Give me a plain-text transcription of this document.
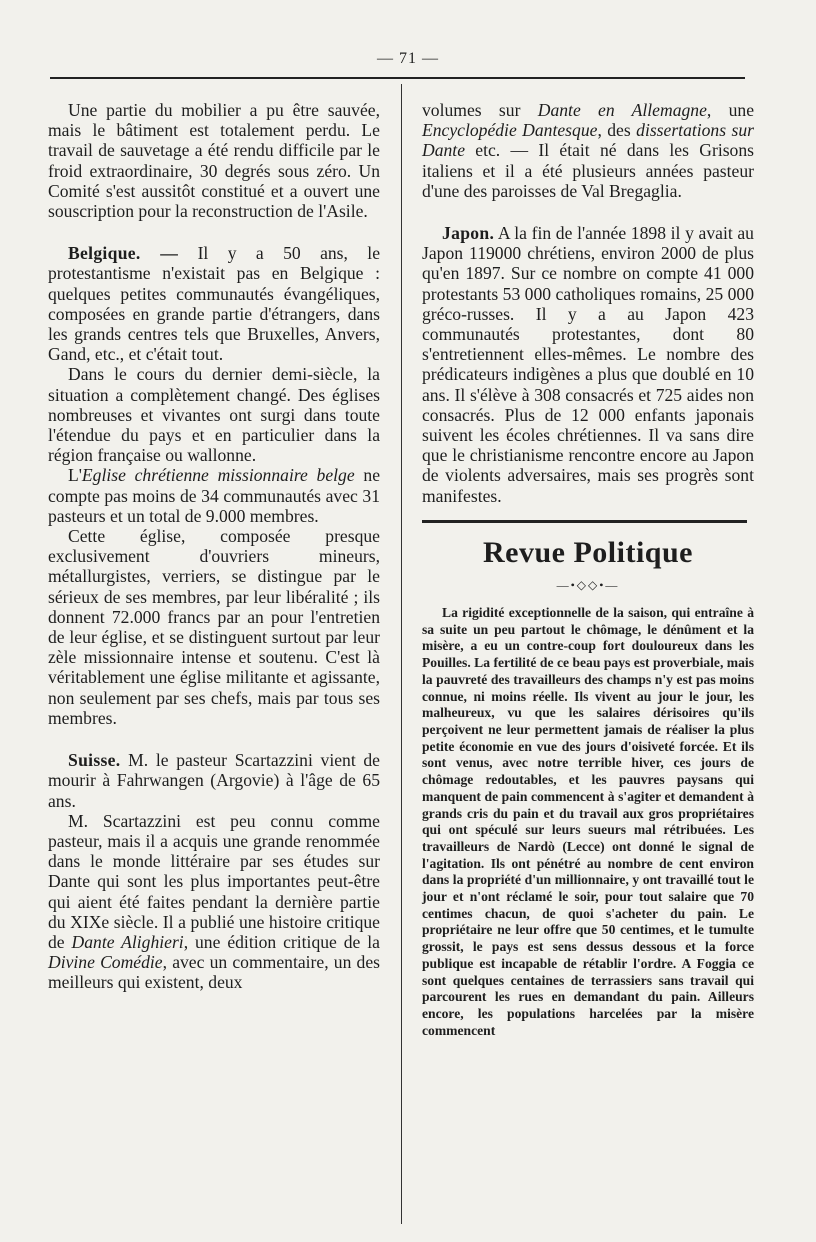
— 71 —

Une partie du mobilier a pu être sauvée, mais le bâtiment est totalement perdu. Le travail de sauvetage a été rendu difficile par le froid extraordinaire, 30 degrés sous zéro. Un Comité s'est aussitôt constitué et a ouvert une souscription pour la reconstruction de l'Asile.

Belgique. — Il y a 50 ans, le protestantisme n'existait pas en Belgique : quelques petites communautés évangéliques, composées en grande partie d'étrangers, dans les grands centres tels que Bruxelles, Anvers, Gand, etc., et c'était tout.

Dans le cours du dernier demi-siècle, la situation a complètement changé. Des églises nombreuses et vivantes ont surgi dans toute l'étendue du pays et en particulier dans la région française ou wallonne.

L'Eglise chrétienne missionnaire belge ne compte pas moins de 34 communautés avec 31 pasteurs et un total de 9.000 membres.

Cette église, composée presque exclusivement d'ouvriers mineurs, métallurgistes, verriers, se distingue par le sérieux de ses membres, par leur libéralité ; ils donnent 72.000 francs par an pour l'entretien de leur église, et se distinguent surtout par leur zèle missionnaire intense et soutenu. C'est là véritablement une église militante et agissante, non seulement par ses chefs, mais par tous ses membres.

Suisse. M. le pasteur Scartazzini vient de mourir à Fahrwangen (Argovie) à l'âge de 65 ans.

M. Scartazzini est peu connu comme pasteur, mais il a acquis une grande renommée dans le monde littéraire par ses études sur Dante qui sont les plus importantes peut-être qui aient été faites pendant la dernière partie du XIXe siècle. Il a publié une histoire critique de Dante Alighieri, une édition critique de la Divine Comédie, avec un commentaire, un des meilleurs qui existent, deux

volumes sur Dante en Allemagne, une Encyclopédie Dantesque, des dissertations sur Dante etc. — Il était né dans les Grisons italiens et il a été plusieurs années pasteur d'une des paroisses de Val Bregaglia.

Japon. A la fin de l'année 1898 il y avait au Japon 119000 chrétiens, environ 2000 de plus qu'en 1897. Sur ce nombre on compte 41 000 protestants 53 000 catholiques romains, 25 000 gréco-russes. Il y a au Japon 423 communautés protestantes, dont 80 s'entretiennent elles-mêmes. Le nombre des prédicateurs indigènes a plus que doublé en 10 ans. Il s'élève à 308 consacrés et 725 aides non consacrés. Plus de 12 000 enfants japonais suivent les écoles chrétiennes. Il va sans dire que le christianisme rencontre encore au Japon de violents adversaires, mais ses progrès sont manifestes.

Revue Politique
—•◇◇•—

La rigidité exceptionnelle de la saison, qui entraîne à sa suite un peu partout le chômage, le dénûment et la misère, a eu un contre-coup fort douloureux dans les Pouilles. La fertilité de ce beau pays est proverbiale, mais la pauvreté des travailleurs des champs n'y est pas moins connue, ni moins réelle. Ils vivent au jour le jour, les malheureux, vu que les salaires dérisoires qu'ils perçoivent ne leur permettent jamais de réaliser la plus petite économie en vue des jours d'oisiveté forcée. Et ils sont venus, avec notre terrible hiver, ces jours de chômage redoutables, et les pauvres paysans qui manquent de pain commencent à s'agiter et demandent à grands cris du pain et du travail aux gros propriétaires qui ont spéculé sur leurs sueurs mal rétribuées. Les travailleurs de Nardò (Lecce) ont donné le signal de l'agitation. Ils ont pénétré au nombre de cent environ dans la propriété d'un millionnaire, y ont travaillé tout le jour et n'ont réclamé le soir, pour tout salaire que 70 centimes chacun, de quoi s'acheter du pain. Le propriétaire ne leur offre que 50 centimes, et le tumulte grossit, le pays est sens dessus dessous et la force publique est incapable de rétablir l'ordre. A Foggia ce sont quelques centaines de terrassiers sans travail qui parcourent les rues en demandant du pain. Ailleurs encore, les populations harcelées par la misère commencent
